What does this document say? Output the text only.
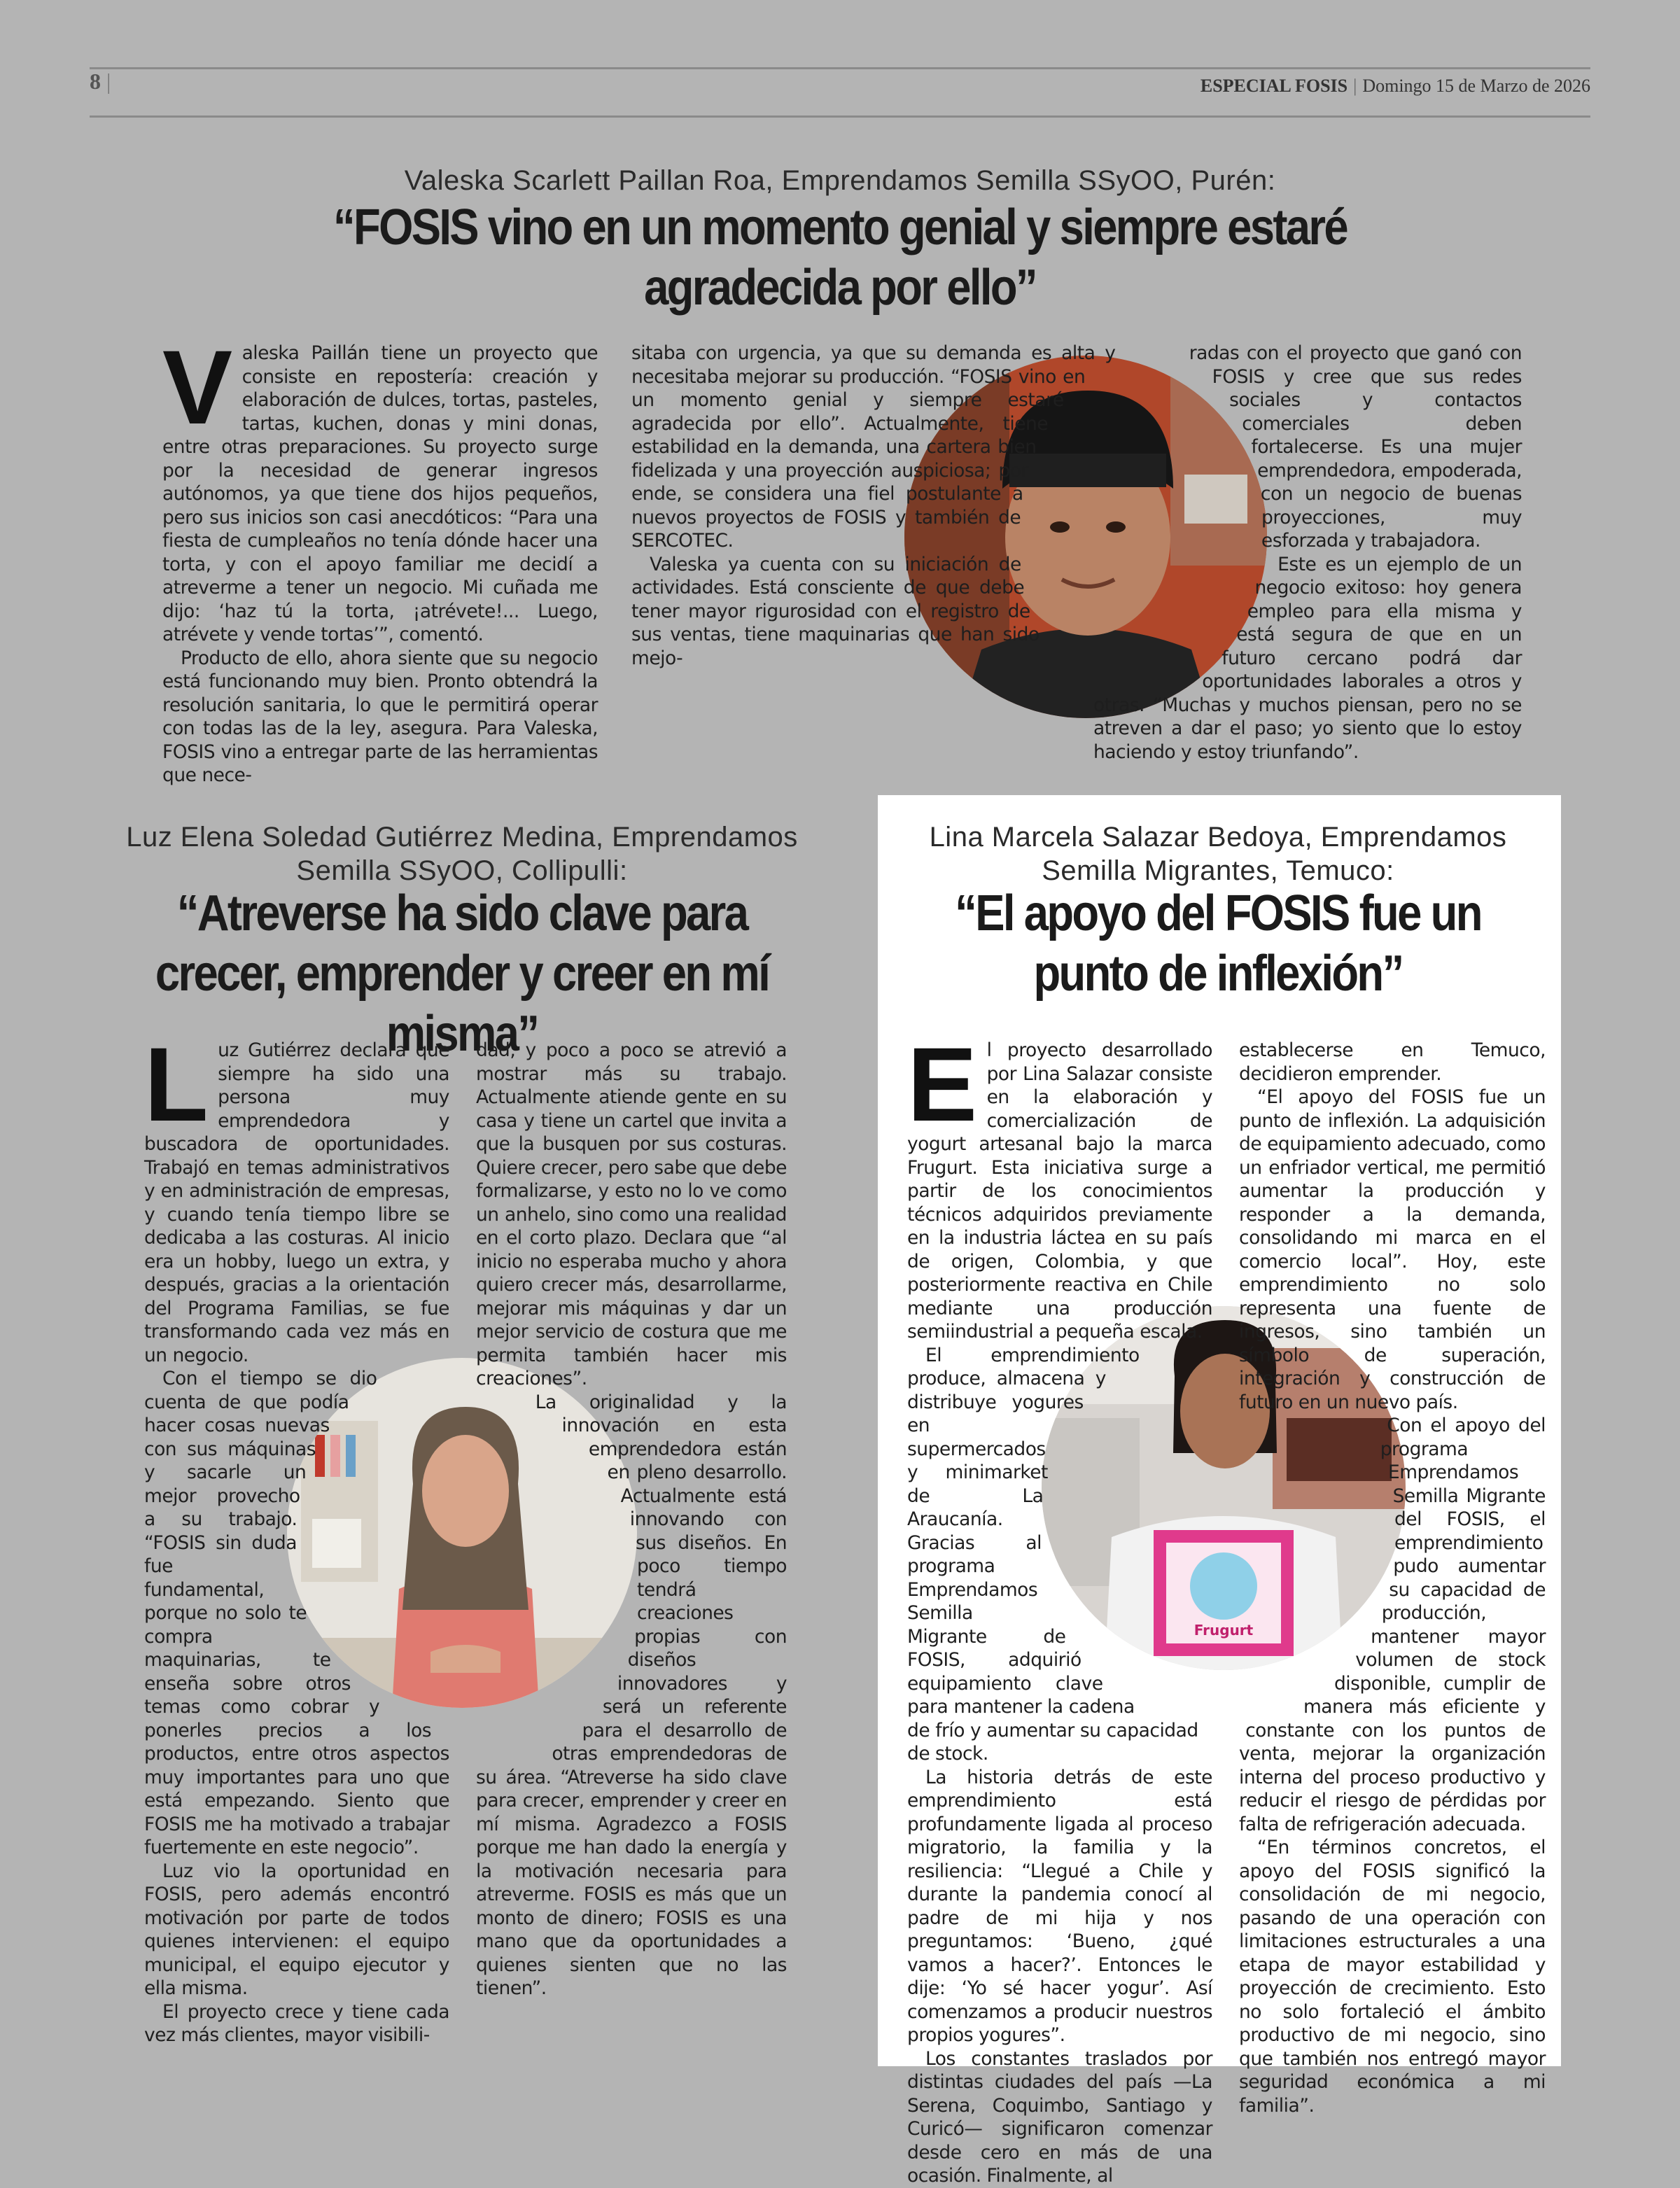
8 |	ESPECIAL FOSIS | Domingo 15 de Marzo de 2026
Valeska Scarlett Paillan Roa, Emprendamos Semilla SSyOO, Purén:
“FOSIS vino en un momento genial y siempre estaré agradecida por ello”

Valeska Paillán tiene un proyecto que consiste en repostería: creación y elaboración de dulces, tortas, pasteles, tartas, kuchen, donas y mini donas, entre otras preparaciones. Su proyecto surge por la necesidad de generar ingresos autónomos, ya que tiene dos hijos pequeños, pero sus inicios son casi anecdóticos: “Para una fiesta de cumpleaños no tenía dónde hacer una torta, y con el apoyo familiar me decidí a atreverme a tener un negocio. Mi cuñada me dijo: ‘haz tú la torta, ¡atrévete!... Luego, atrévete y vende tortas’”, comentó.

Producto de ello, ahora siente que su negocio está funcionando muy bien. Pronto obtendrá la resolución sanitaria, lo que le permitirá operar con todas las de la ley, asegura. Para Valeska, FOSIS vino a entregar parte de las herramientas que nece-

sitaba con urgencia, ya que su demanda es alta y necesitaba mejorar su producción. “FOSIS vino en un momento genial y siempre estaré agradecida por ello”. Actualmente, tiene estabilidad en la demanda, una cartera bien fidelizada y una proyección auspiciosa; por ende, se considera una fiel postulante a nuevos proyectos de FOSIS y también de SERCOTEC.

Valeska ya cuenta con su iniciación de actividades. Está consciente de que debe tener mayor rigurosidad con el registro de sus ventas, tiene maquinarias que han sido mejo-

radas con el proyecto que ganó con FOSIS y cree que sus redes sociales y contactos comerciales deben fortalecerse. Es una mujer emprendedora, empoderada, con un negocio de buenas proyecciones, muy esforzada y trabajadora.

Este es un ejemplo de un negocio exitoso: hoy genera empleo para ella misma y está segura de que en un futuro cercano podrá dar oportunidades laborales a otros y otras. “Muchas y muchos piensan, pero no se atreven a dar el paso; yo siento que lo estoy haciendo y estoy triunfando”.

Luz Elena Soledad Gutiérrez Medina, Emprendamos Semilla SSyOO, Collipulli:
“Atreverse ha sido clave para crecer, emprender y creer en mí misma”

Luz Gutiérrez declara que siempre ha sido una persona muy emprendedora y buscadora de oportunidades. Trabajó en temas administrativos y en administración de empresas, y cuando tenía tiempo libre se dedicaba a las costuras. Al inicio era un hobby, luego un extra, y después, gracias a la orientación del Programa Familias, se fue transformando cada vez más en un negocio.

Con el tiempo se dio cuenta de que podía hacer cosas nuevas con sus máquinas y sacarle un mejor provecho a su trabajo. “FOSIS sin duda fue fundamental, porque no solo te compra maquinarias, te enseña sobre otros temas como cobrar y ponerles precios a los productos, entre otros aspectos muy importantes para uno que está empezando. Siento que FOSIS me ha motivado a trabajar fuertemente en este negocio”.

Luz vio la oportunidad en FOSIS, pero además encontró motivación por parte de todos quienes intervienen: el equipo municipal, el equipo ejecutor y ella misma.

El proyecto crece y tiene cada vez más clientes, mayor visibili-

dad, y poco a poco se atrevió a mostrar más su trabajo. Actualmente atiende gente en su casa y tiene un cartel que invita a que la busquen por sus costuras. Quiere crecer, pero sabe que debe formalizarse, y esto no lo ve como un anhelo, sino como una realidad en el corto plazo. Declara que “al inicio no esperaba mucho y ahora quiero crecer más, desarrollarme, mejorar mis máquinas y dar un mejor servicio de costura que me permita también hacer mis creaciones”.

La originalidad y la innovación en esta emprendedora están en pleno desarrollo. Actualmente está innovando con sus diseños. En poco tiempo tendrá creaciones propias con diseños innovadores y será un referente para el desarrollo de otras emprendedoras de su área. “Atreverse ha sido clave para crecer, emprender y creer en mí misma. Agradezco a FOSIS porque me han dado la energía y la motivación necesaria para atreverme. FOSIS es más que un monto de dinero; FOSIS es una mano que da oportunidades a quienes sienten que no las tienen”.

Lina Marcela Salazar Bedoya, Emprendamos Semilla Migrantes, Temuco:
“El apoyo del FOSIS fue un punto de inflexión”
Frugurt

El proyecto desarrollado por Lina Salazar consiste en la elaboración y comercialización de yogurt artesanal bajo la marca Frugurt. Esta iniciativa surge a partir de los conocimientos técnicos adquiridos previamente en la industria láctea en su país de origen, Colombia, y que posteriormente reactiva en Chile mediante una producción semiindustrial a pequeña escala.

El emprendimiento produce, almacena y distribuye yogures en supermercados y minimarket de La Araucanía. Gracias al programa Emprendamos Semilla Migrante de FOSIS, adquirió equipamiento clave para mantener la cadena de frío y aumentar su capacidad de stock.

La historia detrás de este emprendimiento está profundamente ligada al proceso migratorio, la familia y la resiliencia: “Llegué a Chile y durante la pandemia conocí al padre de mi hija y nos preguntamos: ‘Bueno, ¿qué vamos a hacer?’. Entonces le dije: ‘Yo sé hacer yogur’. Así comenzamos a producir nuestros propios yogures”.

Los constantes traslados por distintas ciudades del país —La Serena, Coquimbo, Santiago y Curicó— significaron comenzar desde cero en más de una ocasión. Finalmente, al

establecerse en Temuco, decidieron emprender.

“El apoyo del FOSIS fue un punto de inflexión. La adquisición de equipamiento adecuado, como un enfriador vertical, me permitió aumentar la producción y responder a la demanda, consolidando mi marca en el comercio local”. Hoy, este emprendimiento no solo representa una fuente de ingresos, sino también un símbolo de superación, integración y construcción de futuro en un nuevo país.

Con el apoyo del programa Emprendamos Semilla Migrante del FOSIS, el emprendimiento pudo aumentar su capacidad de producción, mantener mayor volumen de stock disponible, cumplir de manera más eficiente y constante con los puntos de venta, mejorar la organización interna del proceso productivo y reducir el riesgo de pérdidas por falta de refrigeración adecuada.

“En términos concretos, el apoyo del FOSIS significó la consolidación de mi negocio, pasando de una operación con limitaciones estructurales a una etapa de mayor estabilidad y proyección de crecimiento. Esto no solo fortaleció el ámbito productivo de mi negocio, sino que también nos entregó mayor seguridad económica a mi familia”.
